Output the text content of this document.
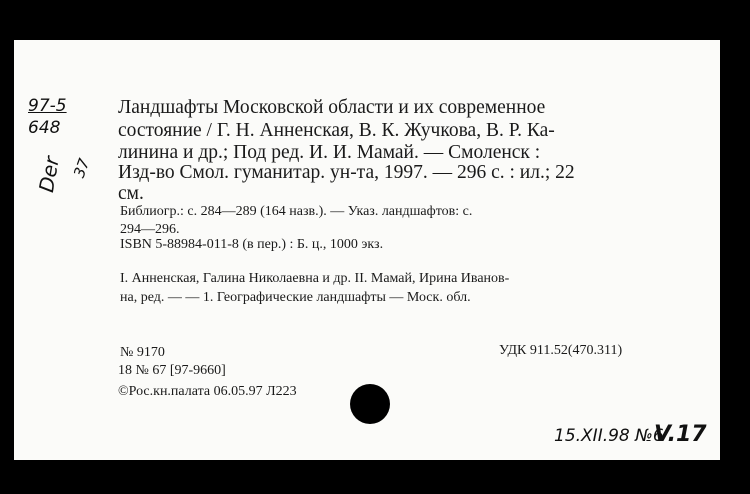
97-5
648
Der 37
Ландшафты Московской области и их современное
состояние / Г. Н. Анненская, В. К. Жучкова, В. Р. Ка-
линина и др.; Под ред. И. И. Мамай. — Смоленск :
Изд-во Смол. гуманитар. ун-та, 1997. — 296 с. : ил.; 22
см.
Библиогр.: с. 284—289 (164 назв.). — Указ. ландшафтов: с.
294—296.
ISBN 5-88984-011-8 (в пер.) : Б. ц., 1000 экз.
I. Анненская, Галина Николаевна и др. II. Мамай, Ирина Иванов-
на, ред. — — 1. Географические ландшафты — Моск. обл.
№ 9170	УДК 911.52(470.311)
18 № 67 [97-9660]
©Рос.кн.палата 06.05.97 Л223
15.XII.98 №6
V.17
